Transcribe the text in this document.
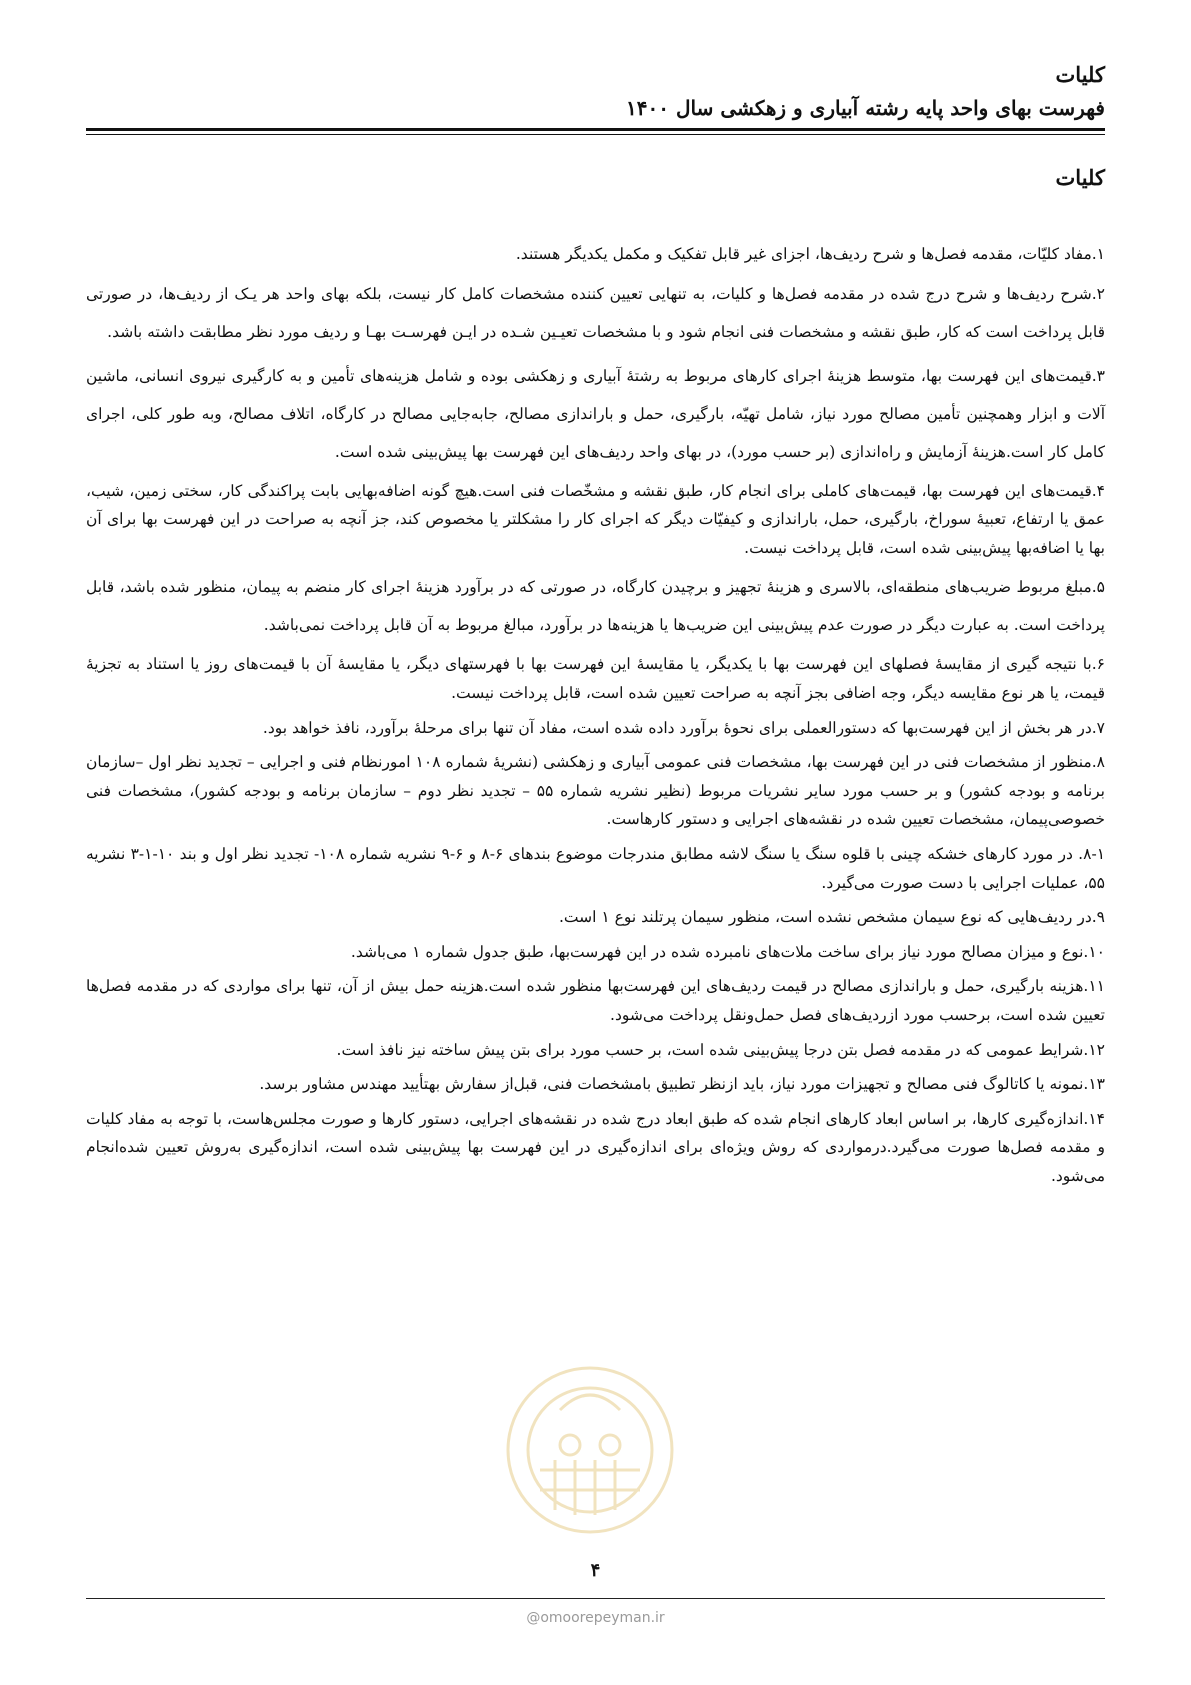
کلیات
فهرست بهای واحد پایه رشته آبیاری و زهکشی سال ۱۴۰۰
کلیات

۱.مفاد کلیّات، مقدمه فصل‌ها و شرح ردیف‌ها، اجزای غیر قابل تفکیک و مکمل یکدیگر هستند.

۲.شرح ردیف‌ها و شرح درج شده در مقدمه فصل‌ها و کلیات، به تنهایی تعیین کننده مشخصات کامل کار نیست، بلکه بهای واحد هر یـک از ردیف‌ها، در صورتی قابل پرداخت است که کار، طبق نقشه و مشخصات فنی انجام شود و با مشخصات تعیـین شـده در ایـن فهرسـت بهـا و ردیف مورد نظر مطابقت داشته باشد.

۳.قیمت‌های این فهرست بها، متوسط هزینهٔ اجرای کارهای مربوط به رشتهٔ آبیاری و زهکشی بوده و شامل هزینه‌های تأمین و به کارگیری نیروی انسانی، ماشین آلات و ابزار وهمچنین تأمین مصالح مورد نیاز، شامل تهیّه، بارگیری، حمل و باراندازی مصالح، جابه‌جایی مصالح در کارگاه، اتلاف مصالح، وبه طور کلی، اجرای کامل کار است.هزینهٔ آزمایش و راه‌اندازی (بر حسب مورد)، در بهای واحد ردیف‌های این فهرست بها پیش‌بینی شده است.

۴.قیمت‌های این فهرست بها، قیمت‌های کاملی برای انجام کار، طبق نقشه و مشخّصات فنی است.هیچ گونه اضافه‌بهایی بابت پراکندگی کار، سختی زمین، شیب، عمق یا ارتفاع، تعبیهٔ سوراخ، بارگیری، حمل، باراندازی و کیفیّات دیگر که اجرای کار را مشکلتر یا مخصوص کند، جز آنچه به صراحت در این فهرست بها برای آن بها یا اضافه‌بها پیش‌بینی شده است، قابل پرداخت نیست.

۵.مبلغ مربوط ضریب‌های منطقه‌ای، بالاسری و هزینهٔ تجهیز و برچیدن کارگاه، در صورتی که در برآورد هزینهٔ اجرای کار منضم به پیمان، منظور شده باشد، قابل پرداخت است. به عبارت دیگر در صورت عدم پیش‌بینی این ضریب‌ها یا هزینه‌ها در برآورد، مبالغ مربوط به آن قابل پرداخت نمی‌باشد.

۶.با نتیجه گیری از مقایسهٔ فصلهای این فهرست بها با یکدیگر، یا مقایسهٔ این فهرست بها با فهرستهای دیگر، یا مقایسهٔ آن با قیمت‌های روز یا استناد به تجزیهٔ قیمت، یا هر نوع مقایسه دیگر، وجه اضافی بجز آنچه به صراحت تعیین شده است، قابل پرداخت نیست.

۷.در هر بخش از این فهرست‌بها که دستورالعملی برای نحوهٔ برآورد داده شده است، مفاد آن تنها برای مرحلهٔ برآورد، نافذ خواهد بود.

۸.منظور از مشخصات فنی در این فهرست بها، مشخصات فنی عمومی آبیاری و زهکشی (نشریهٔ شماره ۱۰۸ امورنظام فنی و اجرایی – تجدید نظر اول –سازمان برنامه و بودجه کشور) و بر حسب مورد سایر نشریات مربوط (نظیر نشریه شماره ۵۵ – تجدید نظر دوم – سازمان برنامه و بودجه کشور)، مشخصات فنی خصوصی‌پیمان، مشخصات تعیین شده در نقشه‌های اجرایی و دستور کارهاست.

۸-۱. در مورد کارهای خشکه چینی با قلوه سنگ یا سنگ لاشه مطابق مندرجات موضوع بندهای ۶-۸ و ۶-۹ نشریه شماره ۱۰۸- تجدید نظر اول و بند ۱۰-۱-۳ نشریه ۵۵، عملیات اجرایی با دست صورت می‌گیرد.

۹.در ردیف‌هایی که نوع سیمان مشخص نشده است، منظور سیمان پرتلند نوع ۱ است.

۱۰.نوع و میزان مصالح مورد نیاز برای ساخت ملات‌های نامبرده شده در این فهرست‌بها، طبق جدول شماره ۱ می‌باشد.

۱۱.هزینه بارگیری، حمل و باراندازی مصالح در قیمت ردیف‌های این فهرست‌بها منظور شده است.هزینه حمل بیش از آن، تنها برای مواردی که در مقدمه فصل‌ها تعیین شده است، برحسب مورد ازردیف‌های فصل حمل‌ونقل پرداخت می‌شود.

۱۲.شرایط عمومی که در مقدمه فصل بتن درجا پیش‌بینی شده است، بر حسب مورد برای بتن پیش ساخته نیز نافذ است.

۱۳.نمونه یا کاتالوگ فنی مصالح و تجهیزات مورد نیاز، باید ازنظر تطبیق بامشخصات فنی، قبل‌از سفارش بهتأیید مهندس مشاور برسد.

۱۴.اندازه‌گیری کارها، بر اساس ابعاد کارهای انجام شده که طبق ابعاد درج شده در نقشه‌های اجرایی، دستور کارها و صورت مجلس‌هاست، با توجه به مفاد کلیات و مقدمه فصل‌ها صورت می‌گیرد.درمواردی که روش ویژه‌ای برای اندازه‌گیری در این فهرست بها پیش‌بینی شده است، اندازه‌گیری به‌روش تعیین شده‌انجام می‌شود.

۴
@omoorepeyman.ir
